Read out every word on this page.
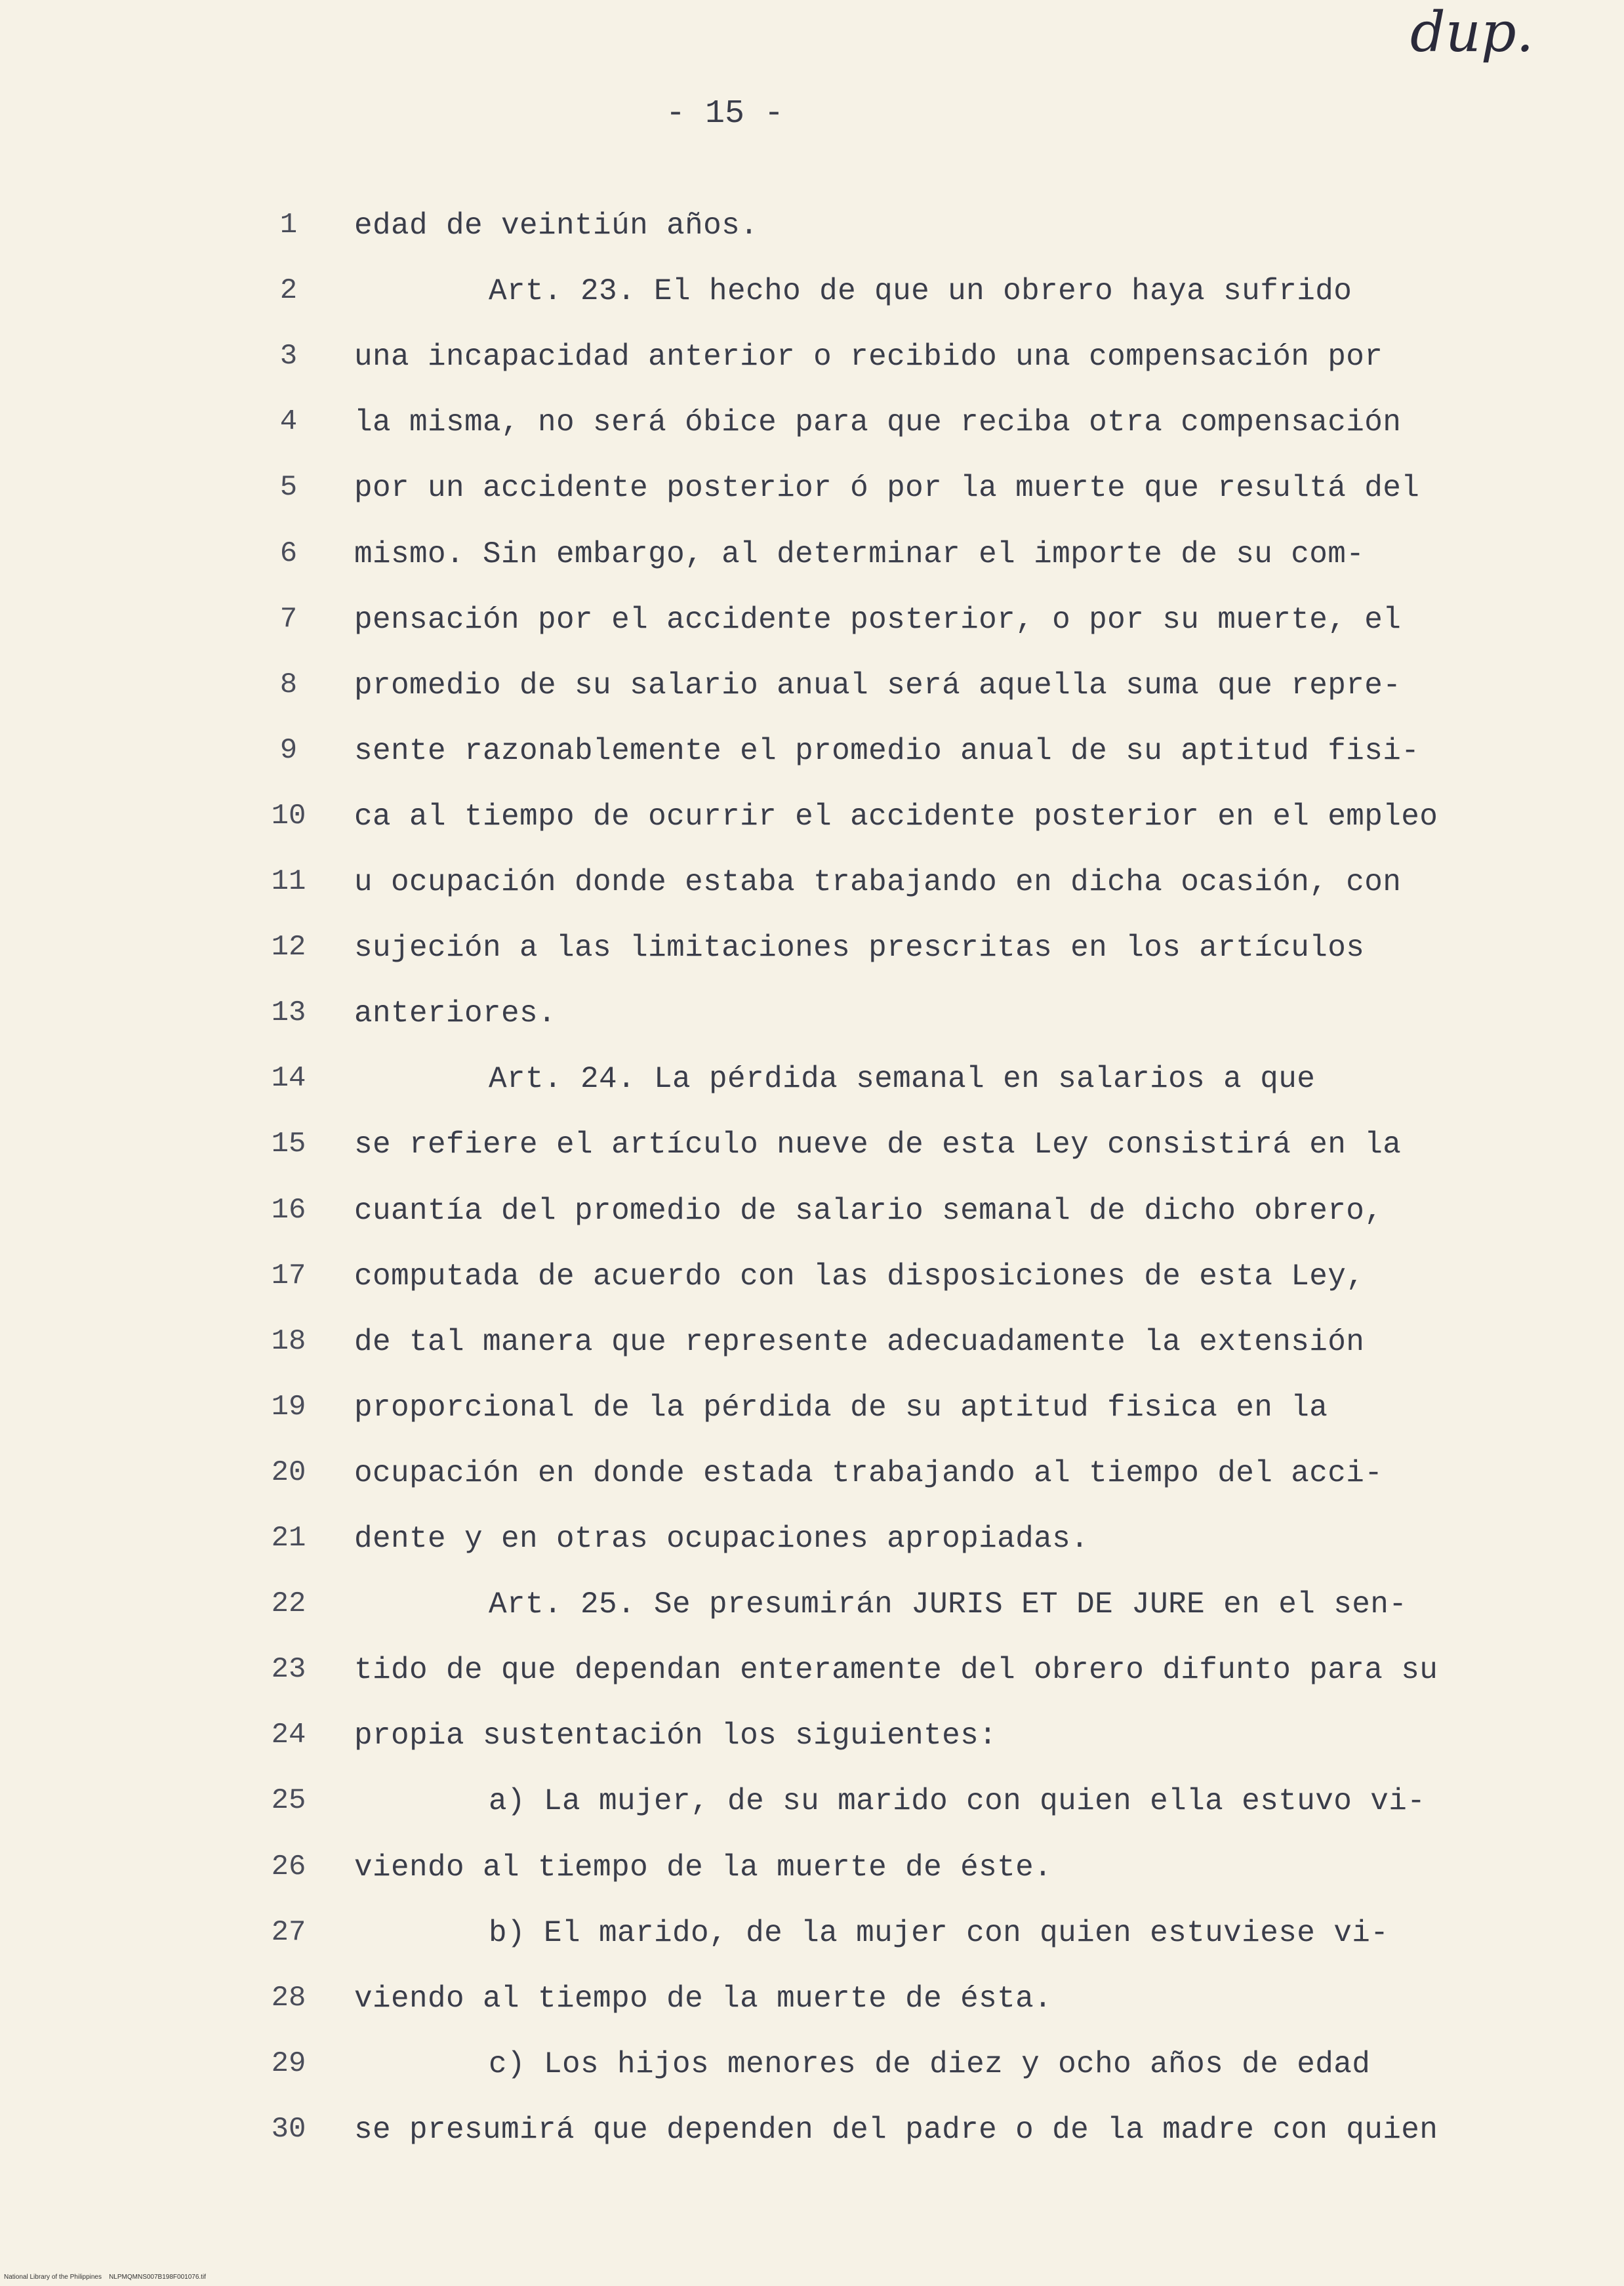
dup.
- 15 -
1	edad de veintiún años.
2	Art. 23. El hecho de que un obrero haya sufrido
3	una incapacidad anterior o recibido una compensación por
4	la misma, no será óbice para que reciba otra compensación
5	por un accidente posterior ó por la muerte que resultá del
6	mismo. Sin embargo, al determinar el importe de su com-
7	pensación por el accidente posterior, o por su muerte, el
8	promedio de su salario anual será aquella suma que repre-
9	sente razonablemente el promedio anual de su aptitud fisi-
10 ca al tiempo de ocurrir el accidente posterior en el empleo
11 u ocupación donde estaba trabajando en dicha ocasión, con
12 sujeción a las limitaciones prescritas en los artículos
13 anteriores.
14	Art. 24. La pérdida semanal en salarios a que
15 se refiere el artículo nueve de esta Ley consistirá en la
16 cuantía del promedio de salario semanal de dicho obrero,
17 computada de acuerdo con las disposiciones de esta Ley,
18 de tal manera que represente adecuadamente la extensión
19 proporcional de la pérdida de su aptitud fisica en la
20 ocupación en donde estada trabajando al tiempo del acci-
21 dente y en otras ocupaciones apropiadas.
22	Art. 25. Se presumirán JURIS ET DE JURE en el sen-
23 tido de que dependan enteramente del obrero difunto para su
24 propia sustentación los siguientes:
25	a) La mujer, de su marido con quien ella estuvo vi-
26 viendo al tiempo de la muerte de éste.
27	b) El marido, de la mujer con quien estuviese vi-
28 viendo al tiempo de la muerte de ésta.
29	c) Los hijos menores de diez y ocho años de edad
30 se presumirá que dependen del padre o de la madre con quien
National Library of the Philippines    NLPMQMNS007B198F001076.tif
